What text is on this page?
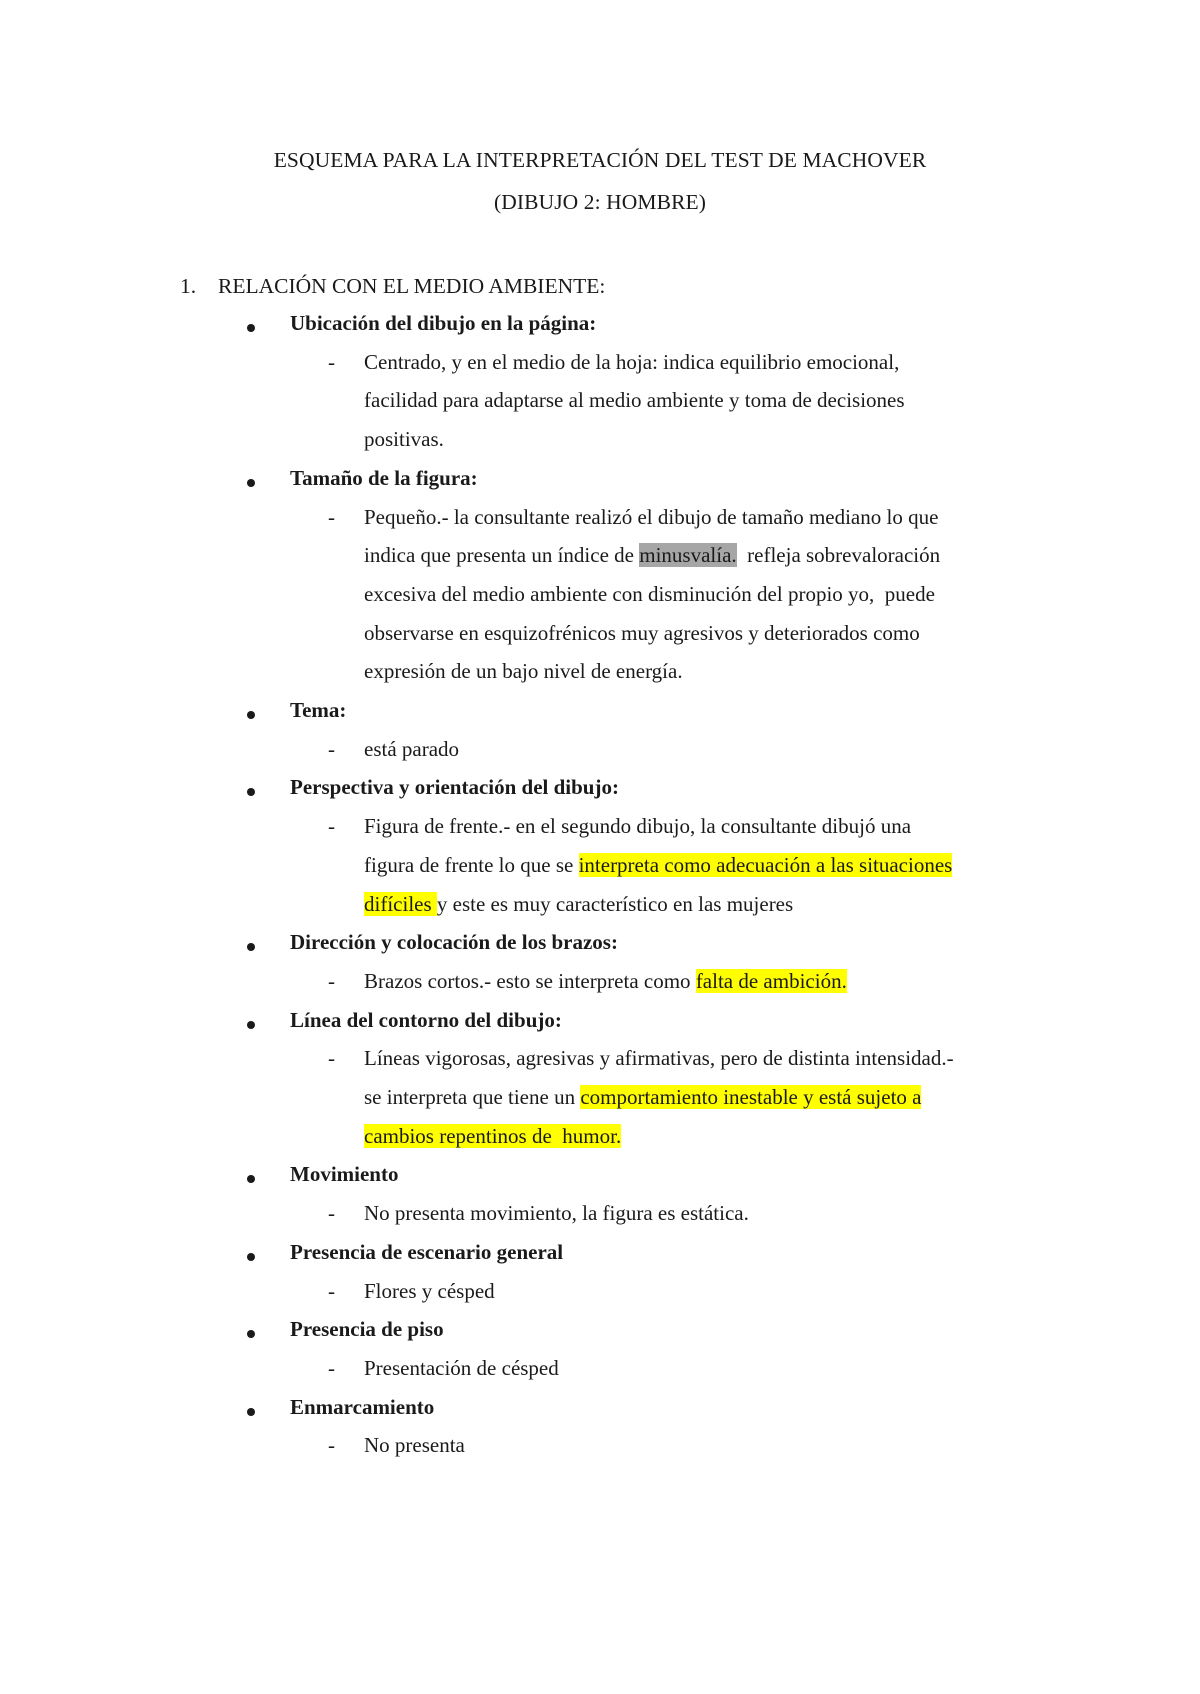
ESQUEMA PARA LA INTERPRETACIÓN DEL TEST DE MACHOVER
(DIBUJO 2: HOMBRE)
1. RELACIÓN CON EL MEDIO AMBIENTE:
Ubicación del dibujo en la página:
- Centrado, y en el medio de la hoja: indica equilibrio emocional,
facilidad para adaptarse al medio ambiente y toma de decisiones
positivas.
Tamaño de la figura:
- Pequeño.- la consultante realizó el dibujo de tamaño mediano lo que
indica que presenta un índice de minusvalía.  refleja sobrevaloración
excesiva del medio ambiente con disminución del propio yo,  puede
observarse en esquizofrénicos muy agresivos y deteriorados como
expresión de un bajo nivel de energía.
Tema:
- está parado
Perspectiva y orientación del dibujo:
- Figura de frente.- en el segundo dibujo, la consultante dibujó una
figura de frente lo que se interpreta como adecuación a las situaciones
difíciles y este es muy característico en las mujeres
Dirección y colocación de los brazos:
- Brazos cortos.- esto se interpreta como falta de ambición.
Línea del contorno del dibujo:
- Líneas vigorosas, agresivas y afirmativas, pero de distinta intensidad.-
se interpreta que tiene un comportamiento inestable y está sujeto a
cambios repentinos de  humor.
Movimiento
- No presenta movimiento, la figura es estática.
Presencia de escenario general
- Flores y césped
Presencia de piso
- Presentación de césped
Enmarcamiento
- No presenta
